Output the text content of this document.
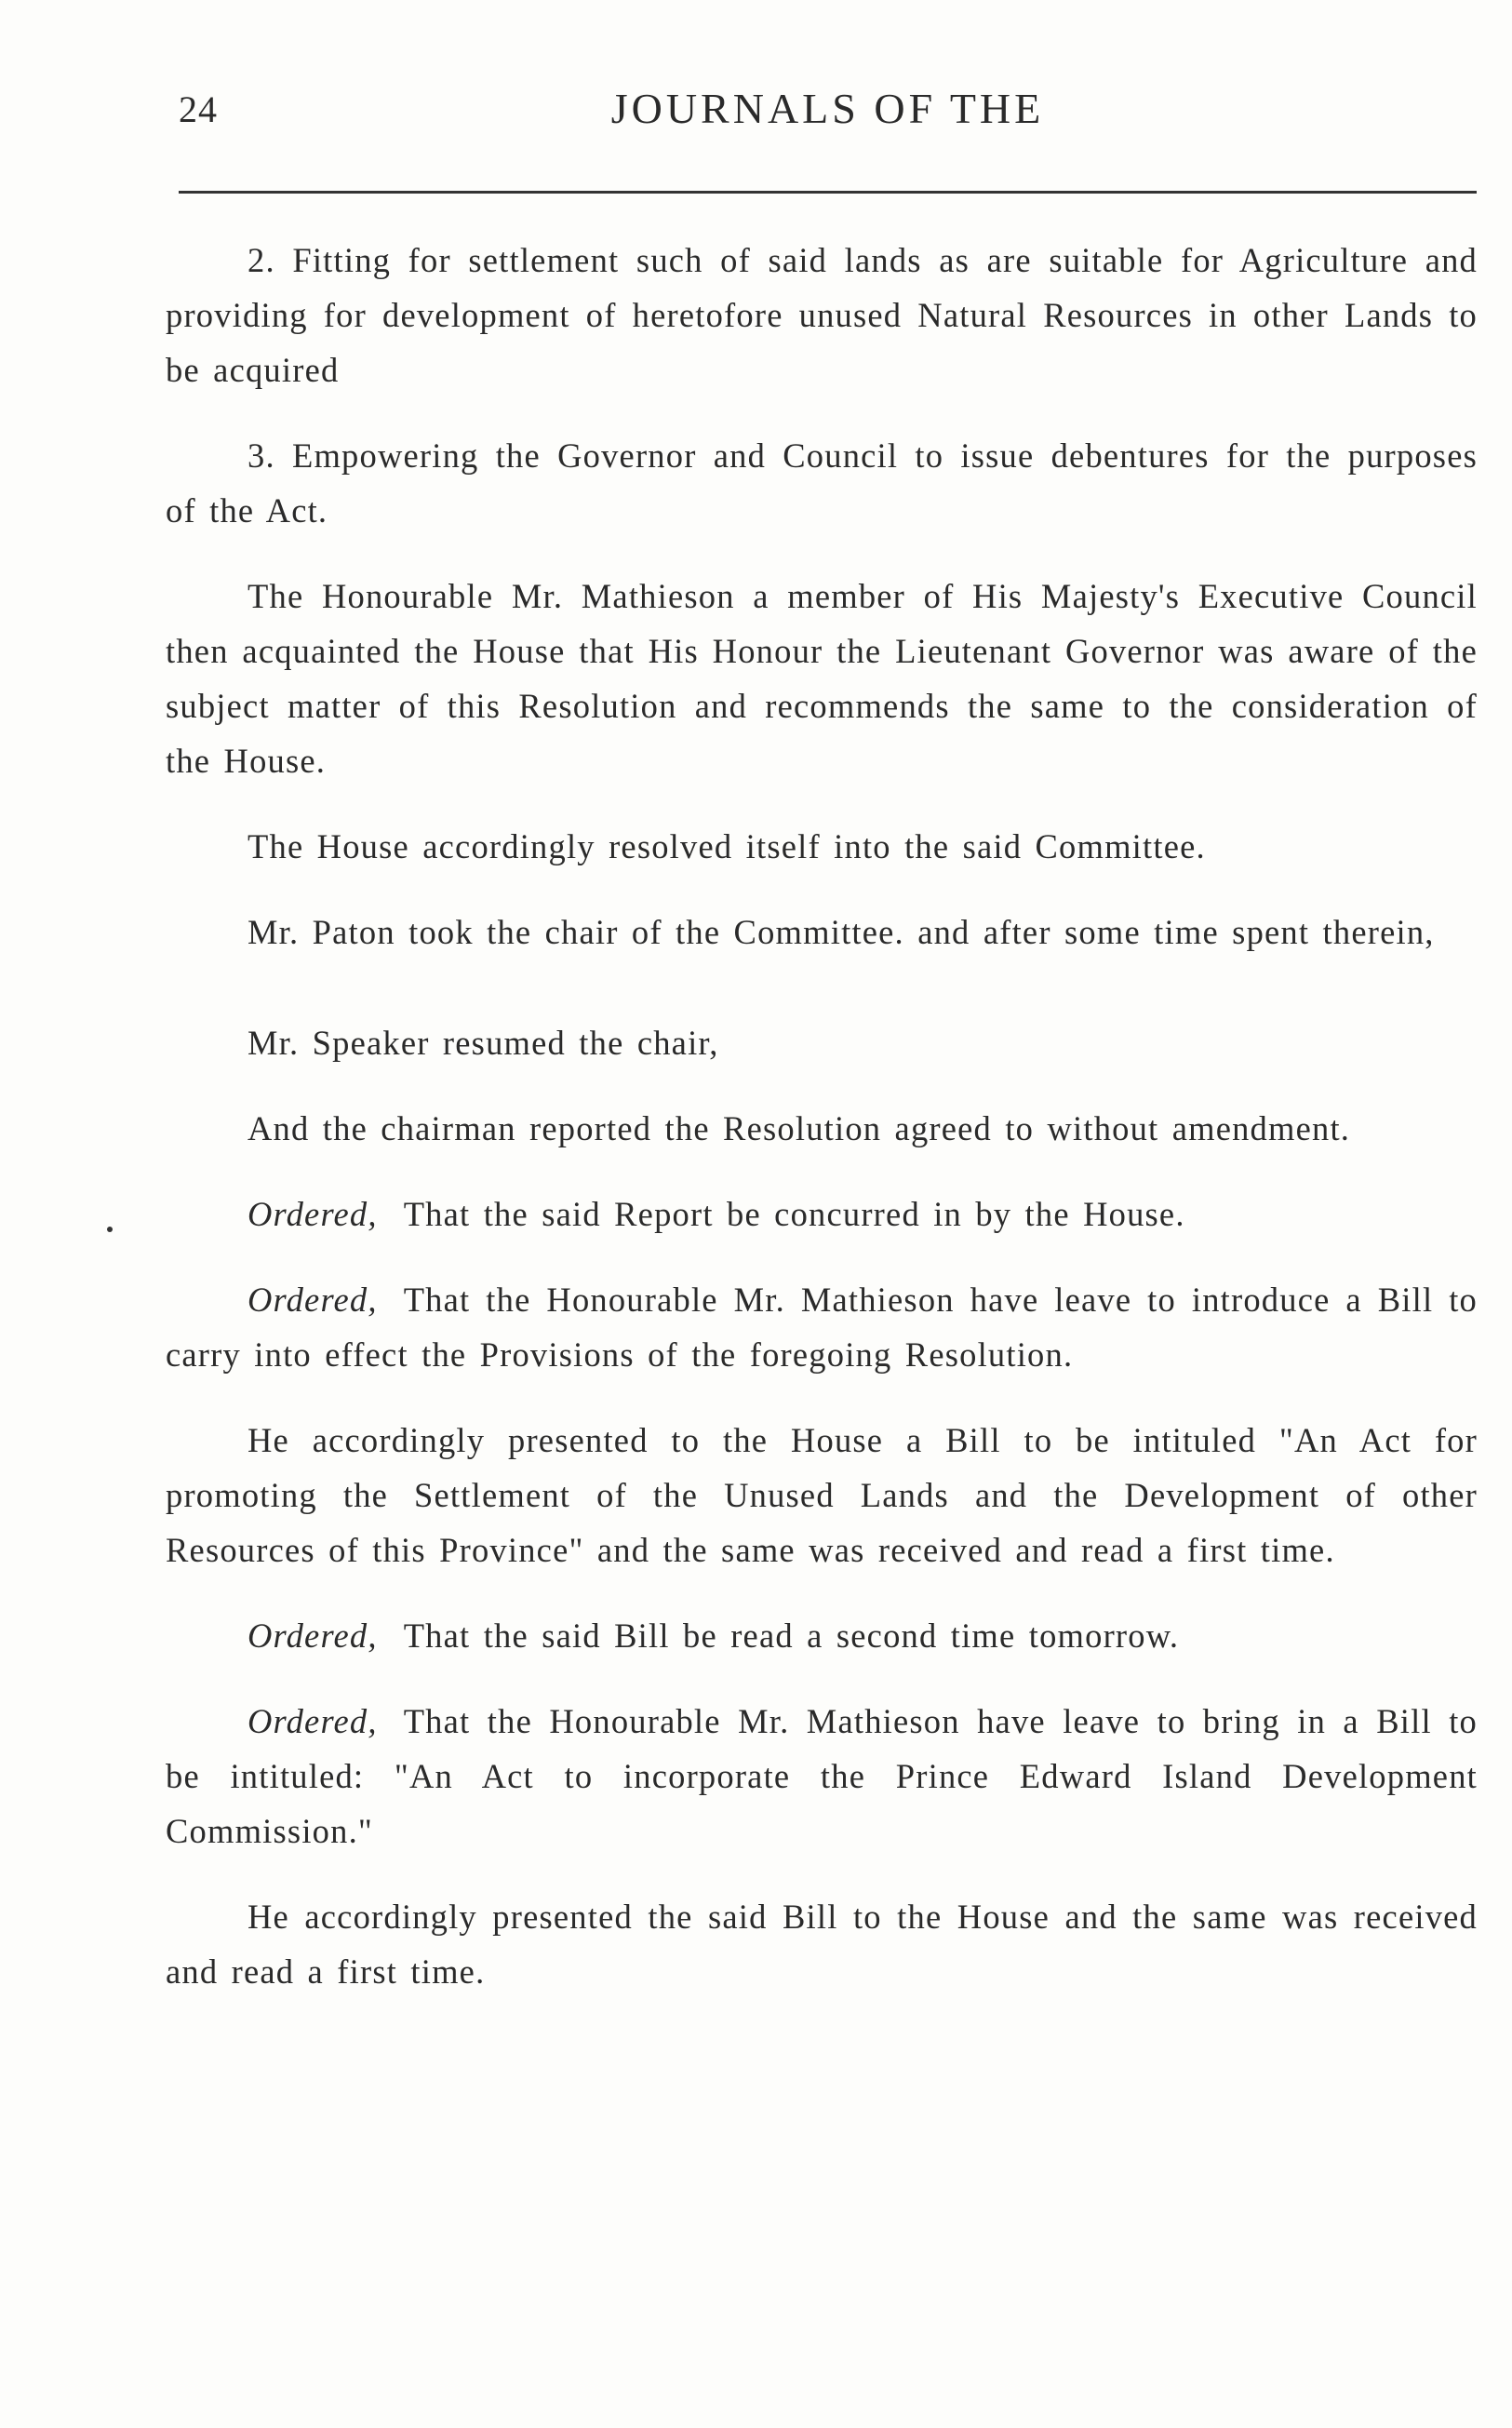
24	JOURNALS OF THE

2. Fitting for settlement such of said lands as are suitable for Agriculture and providing for development of heretofore unused Natural Resources in other Lands to be acquired

3. Empowering the Governor and Council to issue debentures for the purposes of the Act.

The Honourable Mr. Mathieson a member of His Majesty's Executive Council then acquainted the House that His Honour the Lieutenant Governor was aware of the subject matter of this Resolution and recommends the same to the consideration of the House.

The House accordingly resolved itself into the said Committee.

Mr. Paton took the chair of the Committee. and after some time spent therein,

Mr. Speaker resumed the chair,

And the chairman reported the Resolution agreed to without amendment.

Ordered, That the said Report be concurred in by the House.

Ordered, That the Honourable Mr. Mathieson have leave to introduce a Bill to carry into effect the Provisions of the foregoing Resolution.

He accordingly presented to the House a Bill to be intituled "An Act for promoting the Settlement of the Unused Lands and the Development of other Resources of this Province" and the same was received and read a first time.

Ordered, That the said Bill be read a second time tomorrow.

Ordered, That the Honourable Mr. Mathieson have leave to bring in a Bill to be intituled: "An Act to incorporate the Prince Edward Island Development Commission."

He accordingly presented the said Bill to the House and the same was received and read a first time.
